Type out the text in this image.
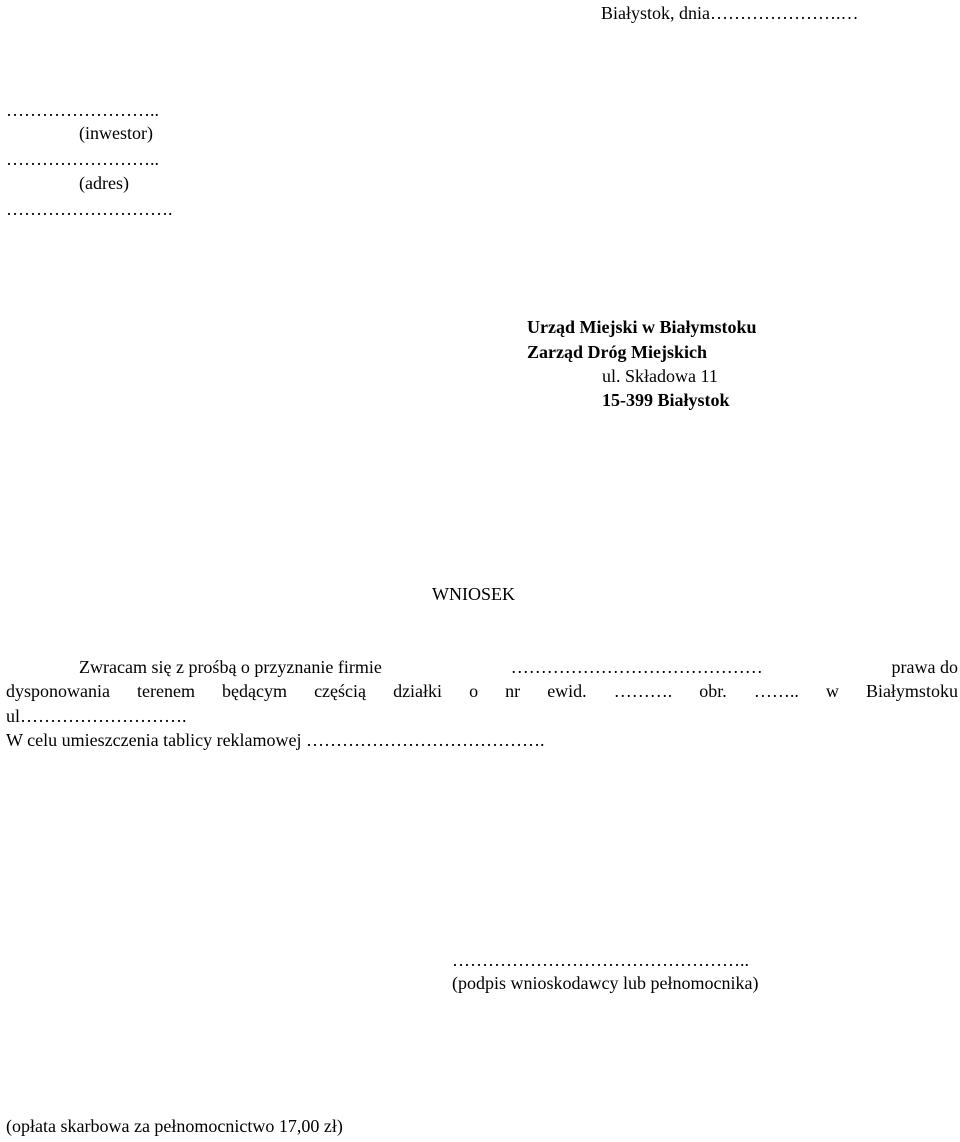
Białystok, dnia………………….…
……………………..
(inwestor)
……………………..
(adres)
……………………….
Urząd Miejski w Białymstoku
Zarząd Dróg Miejskich
ul. Składowa 11
15-399 Białystok
WNIOSEK
Zwracam się z prośbą o przyznanie firmie	……………………………………	prawa do
dysponowania terenem będącym częścią działki o nr ewid. ………. obr. …….. w Białymstoku
ul……………………….
W celu umieszczenia tablicy reklamowej ………………………………….
…………………………………………..
(podpis wnioskodawcy lub pełnomocnika)
(opłata skarbowa za pełnomocnictwo 17,00 zł)
